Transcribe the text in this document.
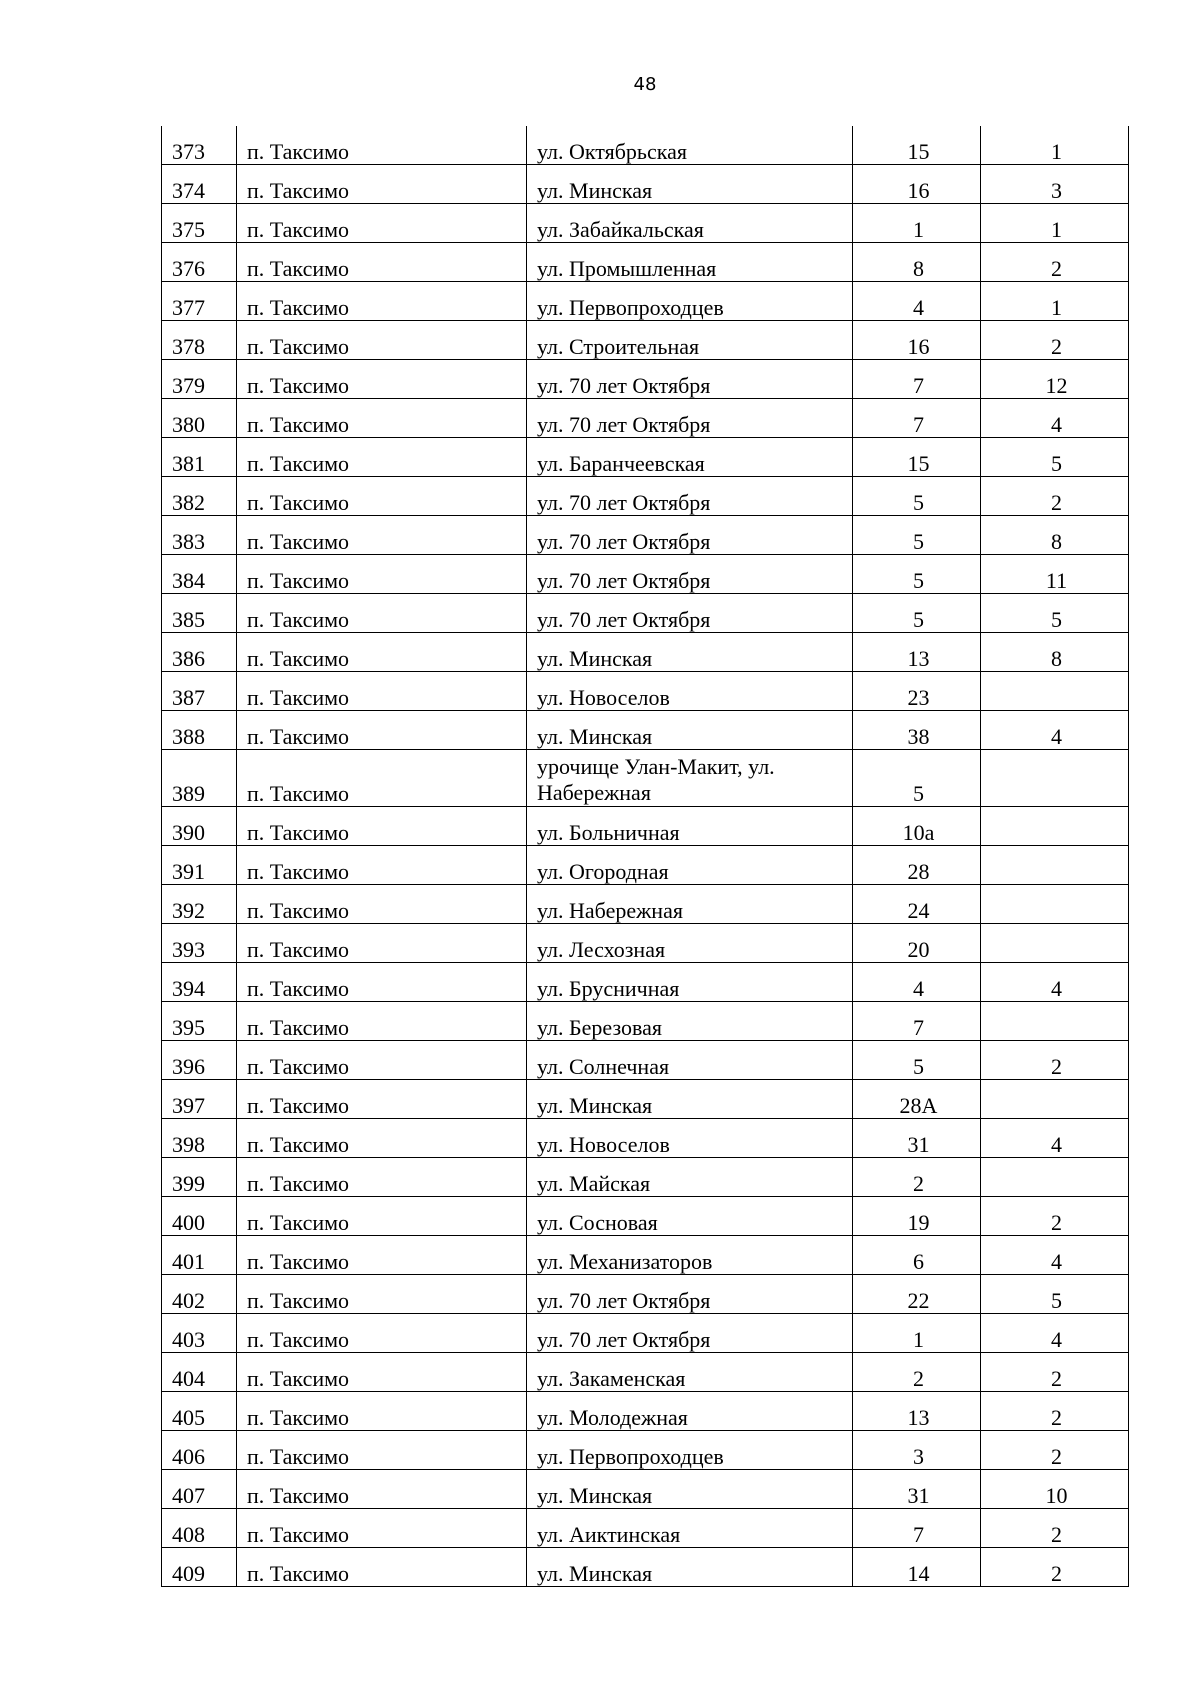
48
373	п. Таксимо	ул. Октябрьская	15	1
374	п. Таксимо	ул. Минская	16	3
375	п. Таксимо	ул. Забайкальская	1	1
376	п. Таксимо	ул. Промышленная	8	2
377	п. Таксимо	ул. Первопроходцев	4	1
378	п. Таксимо	ул. Строительная	16	2
379	п. Таксимо	ул. 70 лет Октября	7	12
380	п. Таксимо	ул. 70 лет Октября	7	4
381	п. Таксимо	ул. Баранчеевская	15	5
382	п. Таксимо	ул. 70 лет Октября	5	2
383	п. Таксимо	ул. 70 лет Октября	5	8
384	п. Таксимо	ул. 70 лет Октября	5	11
385	п. Таксимо	ул. 70 лет Октября	5	5
386	п. Таксимо	ул. Минская	13	8
387	п. Таксимо	ул. Новоселов	23	
388	п. Таксимо	ул. Минская	38	4
389	п. Таксимо	урочище Улан-Макит, ул. Набережная	5	
390	п. Таксимо	ул. Больничная	10а	
391	п. Таксимо	ул. Огородная	28	
392	п. Таксимо	ул. Набережная	24	
393	п. Таксимо	ул. Лесхозная	20	
394	п. Таксимо	ул. Брусничная	4	4
395	п. Таксимо	ул. Березовая	7	
396	п. Таксимо	ул. Солнечная	5	2
397	п. Таксимо	ул. Минская	28А	
398	п. Таксимо	ул. Новоселов	31	4
399	п. Таксимо	ул. Майская	2	
400	п. Таксимо	ул. Сосновая	19	2
401	п. Таксимо	ул. Механизаторов	6	4
402	п. Таксимо	ул. 70 лет Октября	22	5
403	п. Таксимо	ул. 70 лет Октября	1	4
404	п. Таксимо	ул. Закаменская	2	2
405	п. Таксимо	ул. Молодежная	13	2
406	п. Таксимо	ул. Первопроходцев	3	2
407	п. Таксимо	ул. Минская	31	10
408	п. Таксимо	ул. Аиктинская	7	2
409	п. Таксимо	ул. Минская	14	2
